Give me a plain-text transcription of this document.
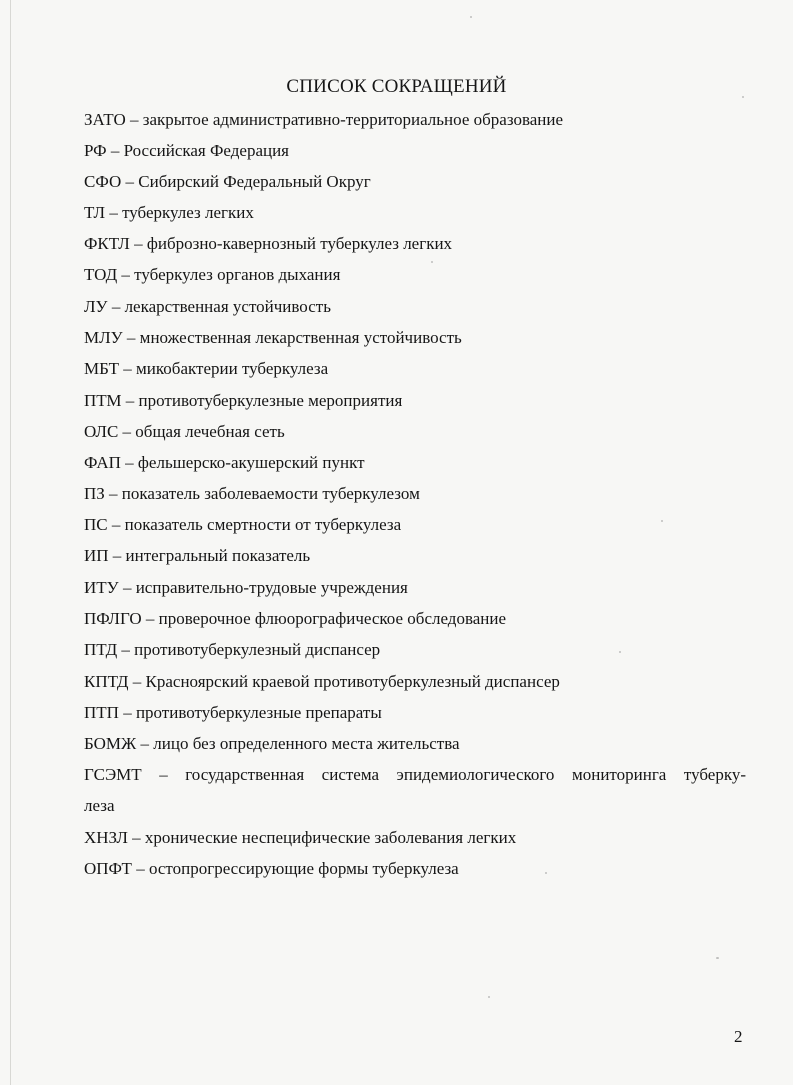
СПИСОК СОКРАЩЕНИЙ
ЗАТО – закрытое административно-территориальное образование
РФ – Российская Федерация
СФО – Сибирский Федеральный Округ
ТЛ – туберкулез легких
ФКТЛ – фиброзно-кавернозный туберкулез легких
ТОД – туберкулез органов дыхания
ЛУ – лекарственная устойчивость
МЛУ – множественная лекарственная устойчивость
МБТ – микобактерии туберкулеза
ПТМ – противотуберкулезные мероприятия
ОЛС – общая лечебная сеть
ФАП – фельшерско-акушерский пункт
ПЗ – показатель заболеваемости туберкулезом
ПС – показатель смертности от туберкулеза
ИП – интегральный показатель
ИТУ – исправительно-трудовые учреждения
ПФЛГО – проверочное флюорографическое обследование
ПТД – противотуберкулезный диспансер
КПТД – Красноярский краевой противотуберкулезный диспансер
ПТП – противотуберкулезные препараты
БОМЖ – лицо без определенного места жительства
ГСЭМТ – государственная система эпидемиологического мониторинга туберку-
леза
ХНЗЛ – хронические неспецифические заболевания легких
ОПФТ – остопрогрессирующие формы туберкулеза
2
